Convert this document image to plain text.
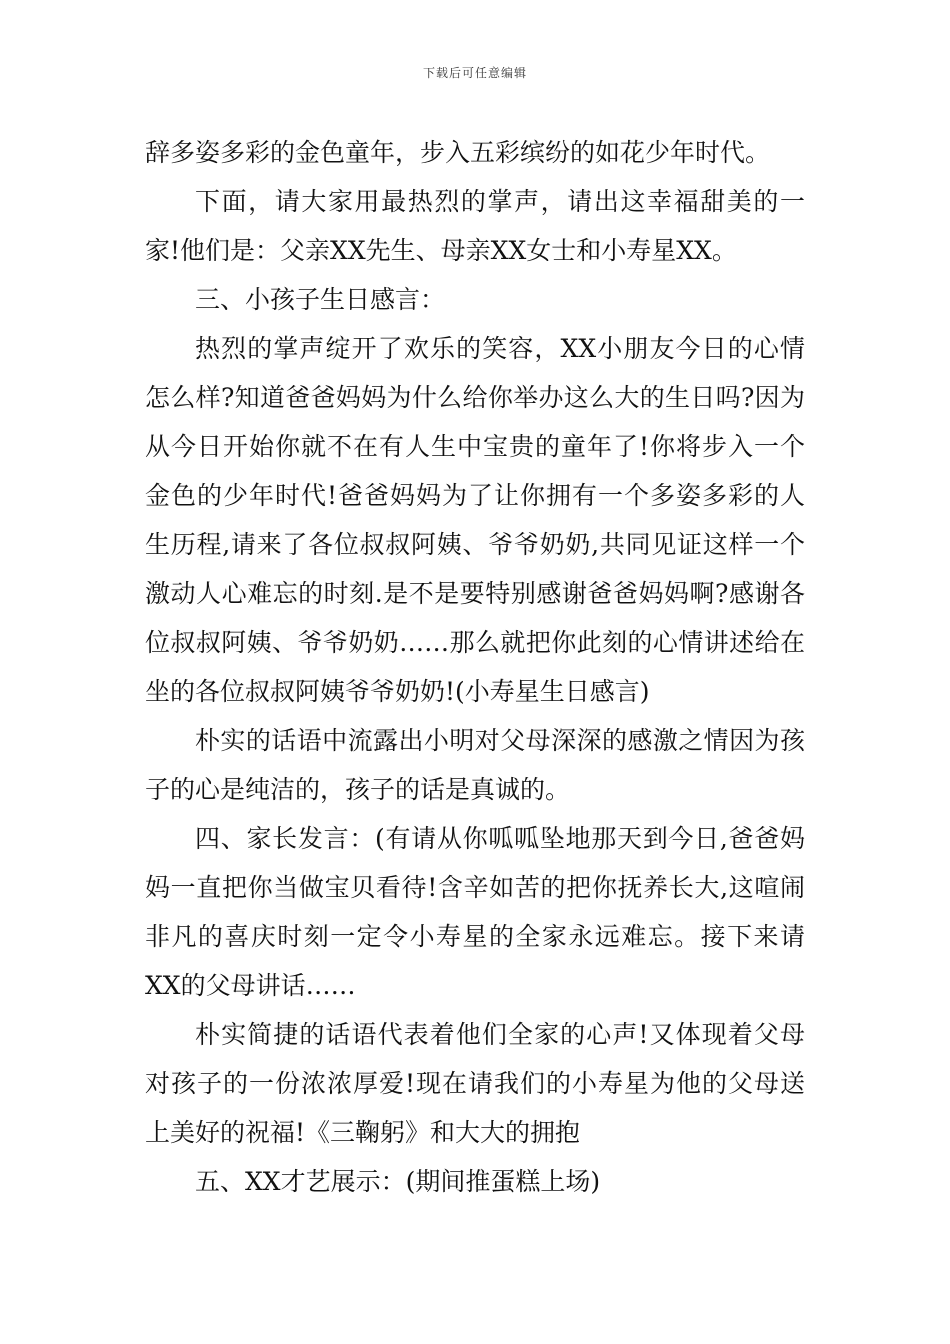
下载后可任意编辑

辞多姿多彩的金色童年，步入五彩缤纷的如花少年时代。

下面，请大家用最热烈的掌声，请出这幸福甜美的一家!他们是：父亲XX先生、母亲XX女士和小寿星XX。

三、小孩子生日感言：

热烈的掌声绽开了欢乐的笑容，XX小朋友今日的心情怎么样?知道爸爸妈妈为什么给你举办这么大的生日吗?因为从今日开始你就不在有人生中宝贵的童年了!你将步入一个金色的少年时代!爸爸妈妈为了让你拥有一个多姿多彩的人生历程,请来了各位叔叔阿姨、爷爷奶奶,共同见证这样一个激动人心难忘的时刻.是不是要特别感谢爸爸妈妈啊?感谢各位叔叔阿姨、爷爷奶奶……那么就把你此刻的心情讲述给在坐的各位叔叔阿姨爷爷奶奶!(小寿星生日感言)

朴实的话语中流露出小明对父母深深的感激之情因为孩子的心是纯洁的，孩子的话是真诚的。

四、家长发言：(有请从你呱呱坠地那天到今日,爸爸妈妈一直把你当做宝贝看待!含辛如苦的把你抚养长大,这喧闹非凡的喜庆时刻一定令小寿星的全家永远难忘。接下来请XX的父母讲话……

朴实简捷的话语代表着他们全家的心声!又体现着父母对孩子的一份浓浓厚爱!现在请我们的小寿星为他的父母送上美好的祝福!《三鞠躬》和大大的拥抱

五、XX才艺展示：(期间推蛋糕上场)
